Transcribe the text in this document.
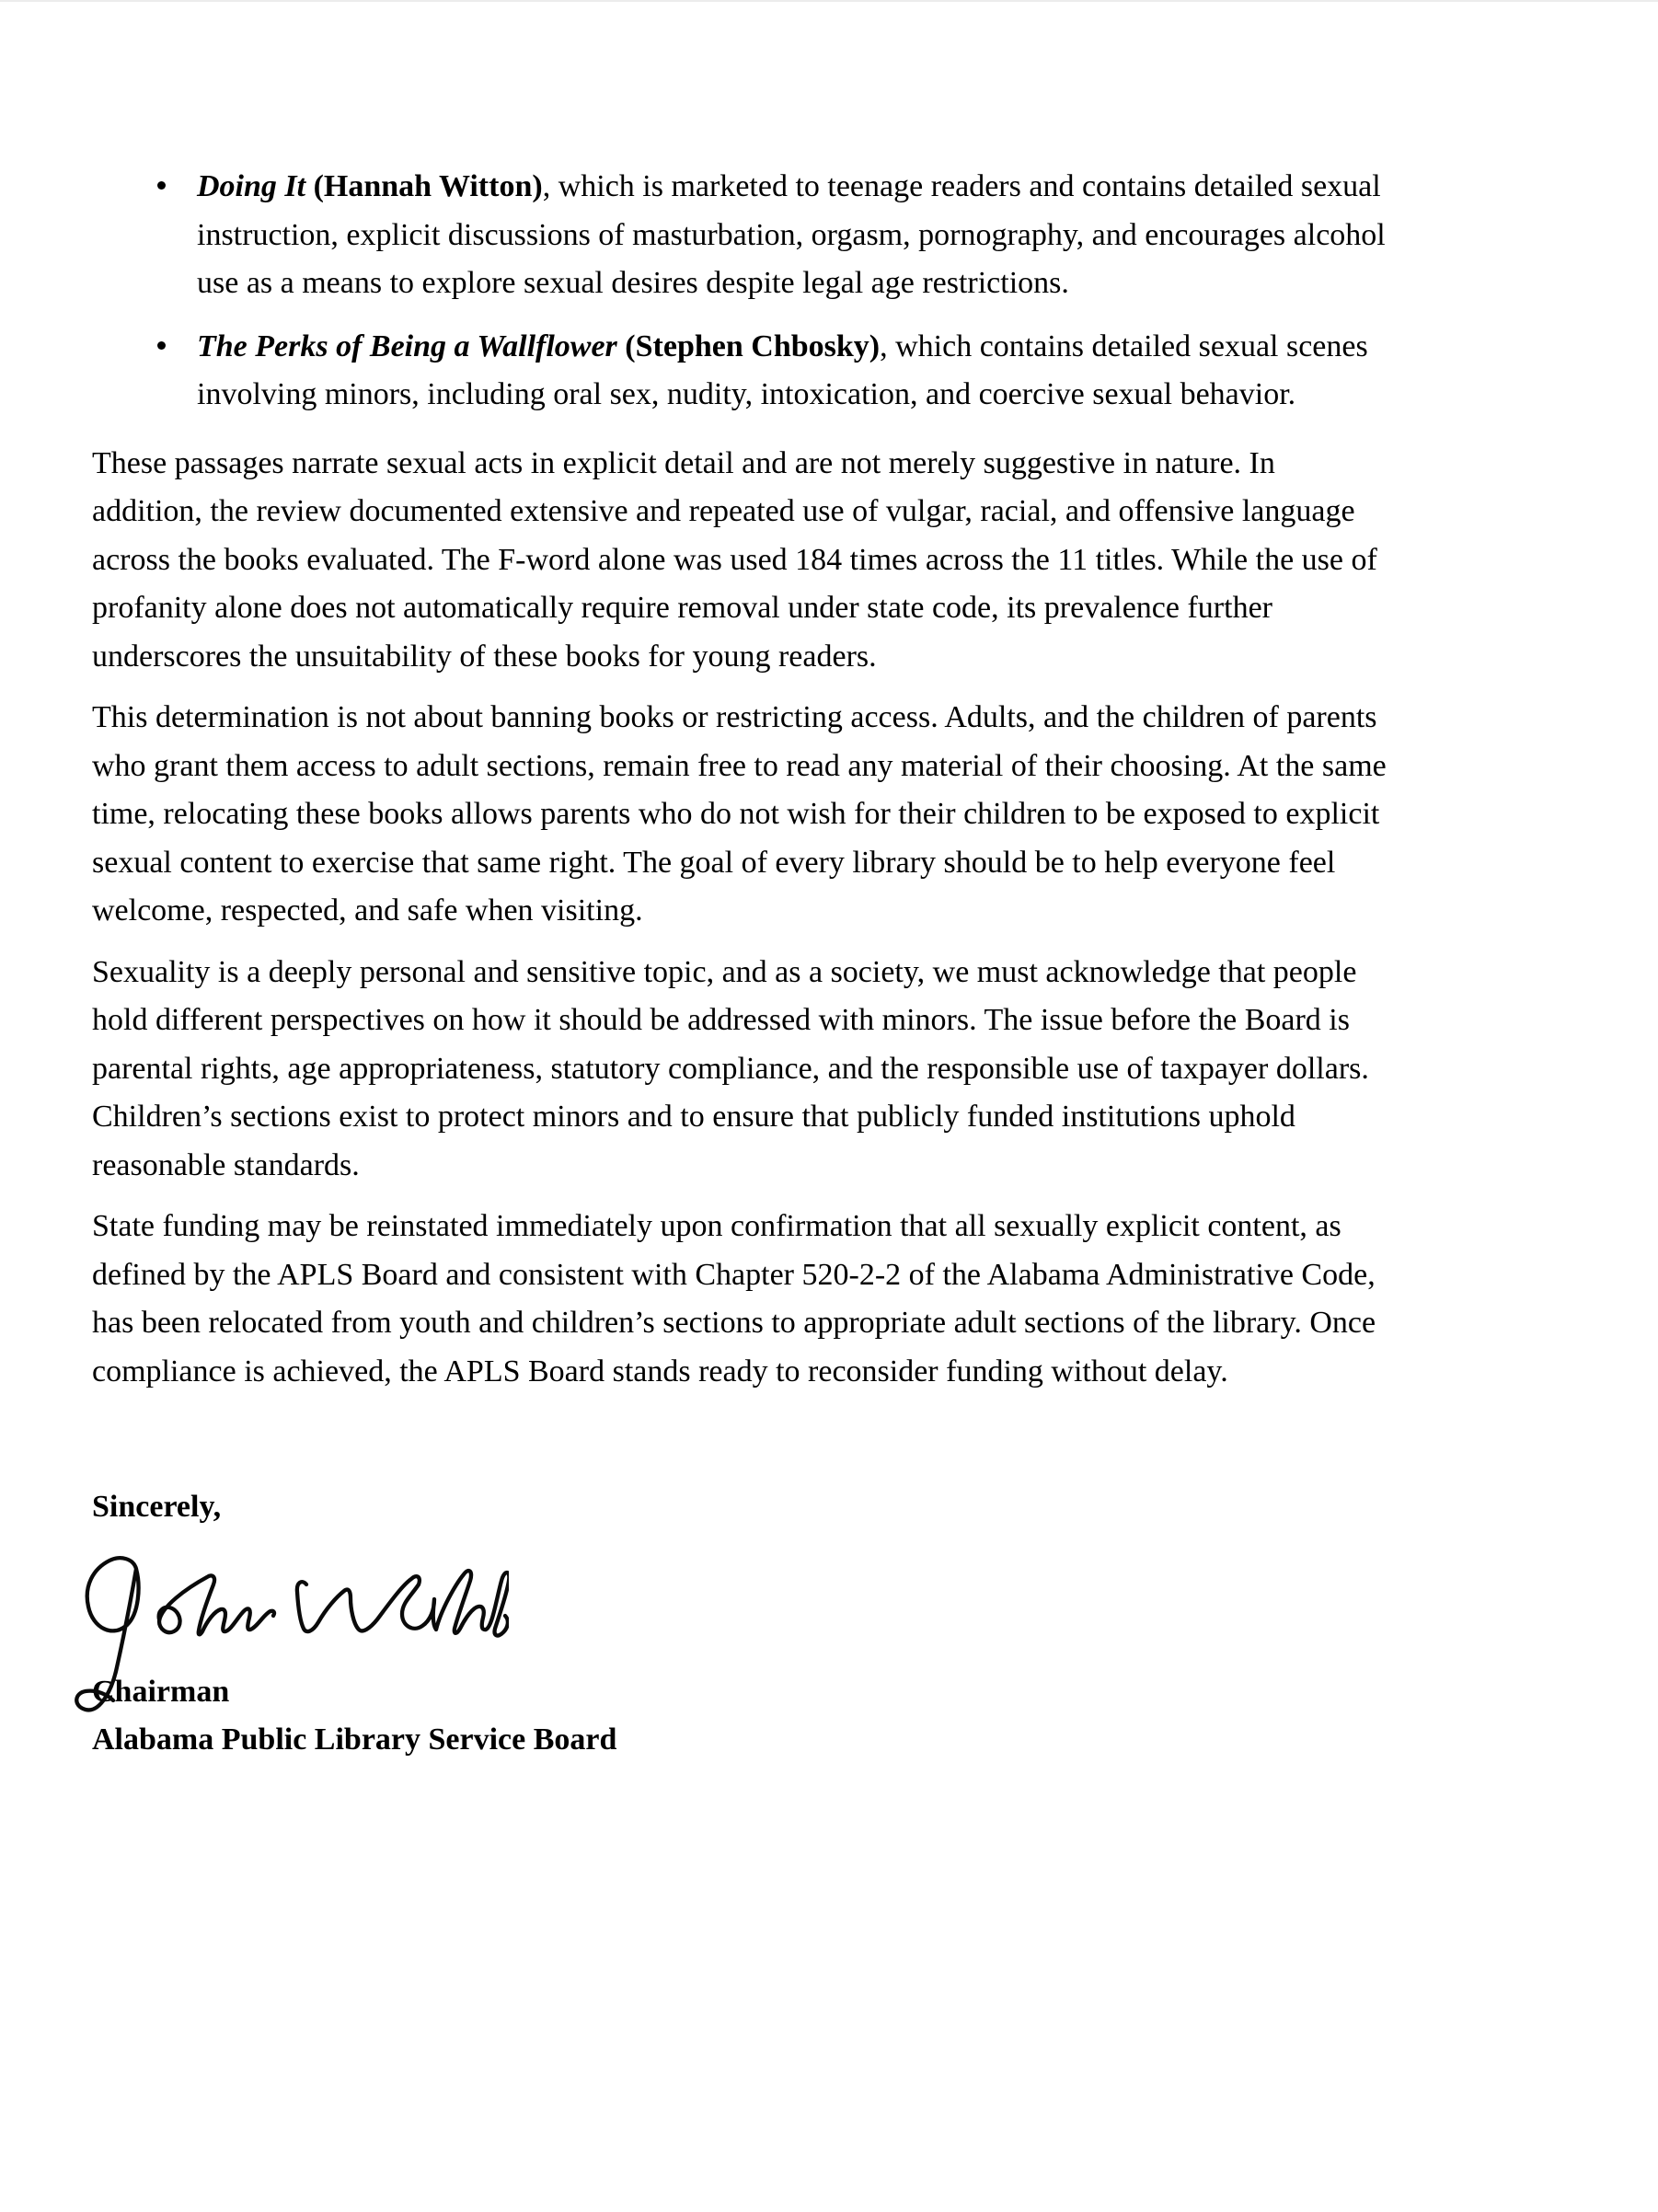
Doing It (Hannah Witton), which is marketed to teenage readers and contains detailed sexual
instruction, explicit discussions of masturbation, orgasm, pornography, and encourages alcohol
use as a means to explore sexual desires despite legal age restrictions.
The Perks of Being a Wallflower (Stephen Chbosky), which contains detailed sexual scenes
involving minors, including oral sex, nudity, intoxication, and coercive sexual behavior.
These passages narrate sexual acts in explicit detail and are not merely suggestive in nature. In
addition, the review documented extensive and repeated use of vulgar, racial, and offensive language
across the books evaluated. The F-word alone was used 184 times across the 11 titles. While the use of
profanity alone does not automatically require removal under state code, its prevalence further
underscores the unsuitability of these books for young readers.
This determination is not about banning books or restricting access. Adults, and the children of parents
who grant them access to adult sections, remain free to read any material of their choosing. At the same
time, relocating these books allows parents who do not wish for their children to be exposed to explicit
sexual content to exercise that same right. The goal of every library should be to help everyone feel
welcome, respected, and safe when visiting.
Sexuality is a deeply personal and sensitive topic, and as a society, we must acknowledge that people
hold different perspectives on how it should be addressed with minors. The issue before the Board is
parental rights, age appropriateness, statutory compliance, and the responsible use of taxpayer dollars.
Children’s sections exist to protect minors and to ensure that publicly funded institutions uphold
reasonable standards.
State funding may be reinstated immediately upon confirmation that all sexually explicit content, as
defined by the APLS Board and consistent with Chapter 520-2-2 of the Alabama Administrative Code,
has been relocated from youth and children’s sections to appropriate adult sections of the library. Once
compliance is achieved, the APLS Board stands ready to reconsider funding without delay.
Sincerely,
Chairman
Alabama Public Library Service Board
